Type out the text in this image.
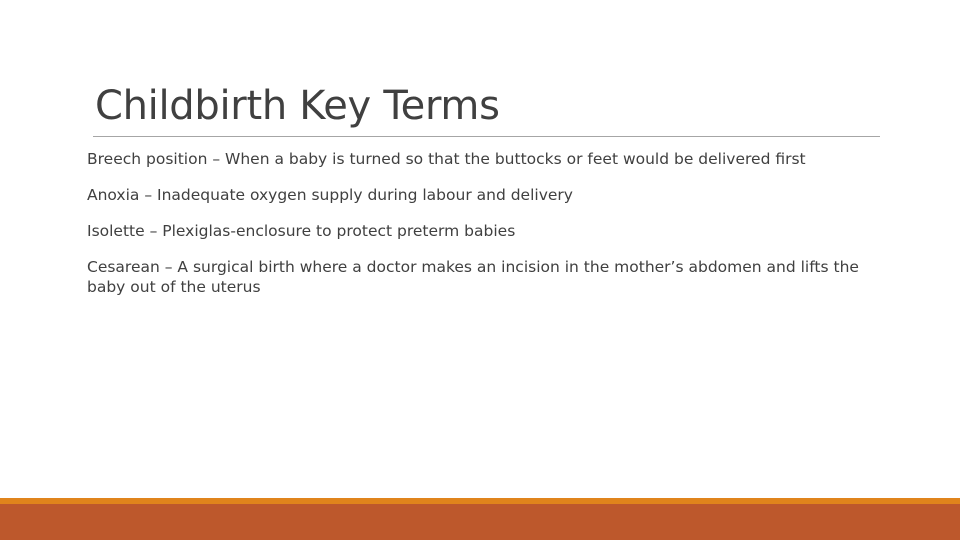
Childbirth Key Terms
Breech position – When a baby is turned so that the buttocks or feet would be delivered first
Anoxia – Inadequate oxygen supply during labour and delivery
Isolette – Plexiglas-enclosure to protect preterm babies
Cesarean – A surgical birth where a doctor makes an incision in the mother’s abdomen and lifts the baby out of the uterus
